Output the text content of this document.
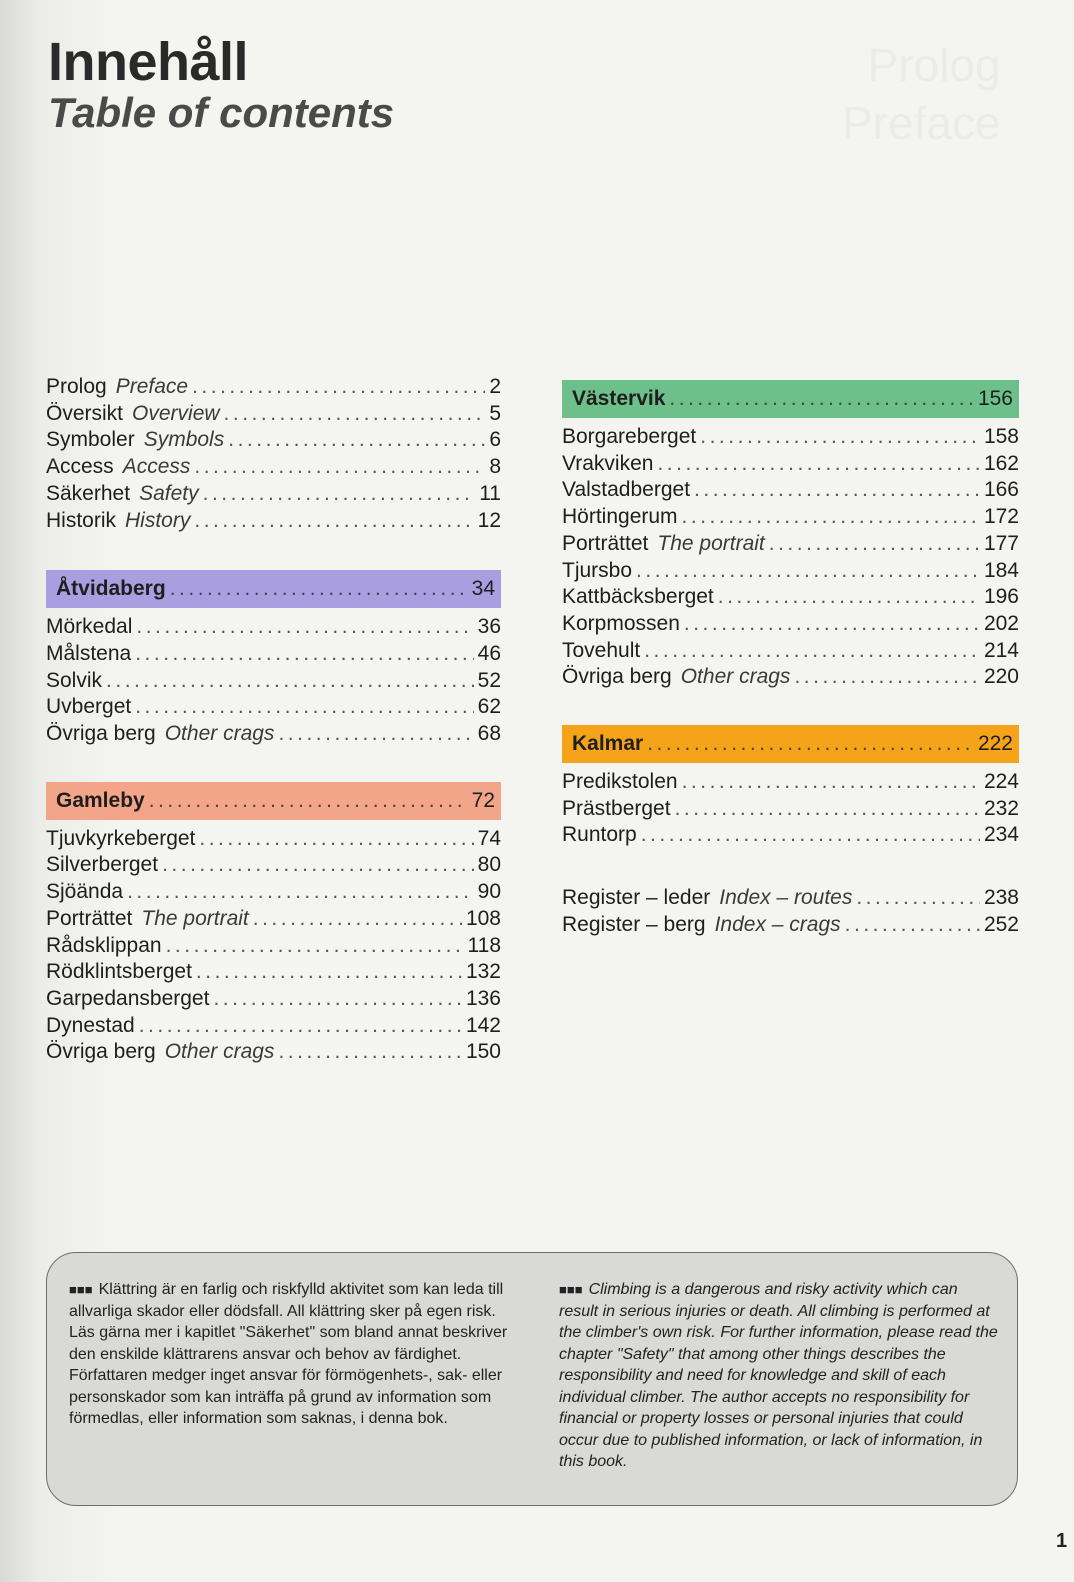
Prolog
Preface
Innehåll
Table of contents
Prolog Preface .....	2
Översikt Overview .....	5
Symboler Symbols .....	6
Access Access .....	8
Säkerhet Safety .....	11
Historik History .....	12
Åtvidaberg .....	34
Mörkedal .....	36
Målstena .....	46
Solvik .....	52
Uvberget .....	62
Övriga berg Other crags .....	68
Gamleby .....	72
Tjuvkyrkeberget .....	74
Silverberget .....	80
Sjöända .....	90
Porträttet The portrait .....	108
Rådsklippan .....	118
Rödklintsberget .....	132
Garpedansberget .....	136
Dynestad .....	142
Övriga berg Other crags .....	150
Västervik .....	156
Borgareberget .....	158
Vrakviken .....	162
Valstadberget .....	166
Hörtingerum .....	172
Porträttet The portrait .....	177
Tjursbo .....	184
Kattbäcksberget .....	196
Korpmossen .....	202
Tovehult .....	214
Övriga berg Other crags .....	220
Kalmar .....	222
Predikstolen .....	224
Prästberget .....	232
Runtorp .....	234
Register – leder Index – routes .....	238
Register – berg Index – crags .....	252
■■■ Klättring är en farlig och riskfylld aktivitet som kan leda till allvarliga skador eller dödsfall. All klättring sker på egen risk. Läs gärna mer i kapitlet "Säkerhet" som bland annat beskriver den enskilde klättrarens ansvar och behov av färdighet. Författaren medger inget ansvar för förmögenhets-, sak- eller personskador som kan inträffa på grund av information som förmedlas, eller information som saknas, i denna bok.
■■■ Climbing is a dangerous and risky activity which can result in serious injuries or death. All climbing is performed at the climber's own risk. For further information, please read the chapter "Safety" that among other things describes the responsibility and need for knowledge and skill of each individual climber. The author accepts no responsibility for financial or property losses or personal injuries that could occur due to published information, or lack of information, in this book.
1
